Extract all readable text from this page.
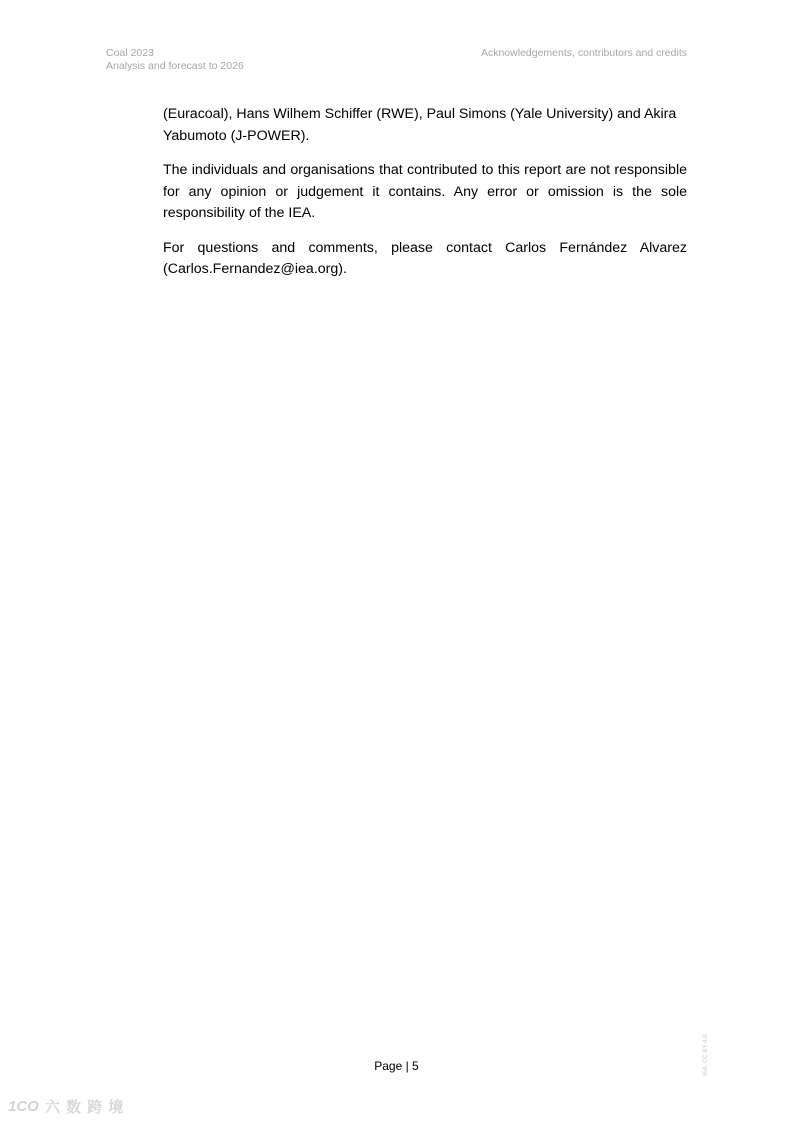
Coal 2023
Analysis and forecast to 2026
Acknowledgements, contributors and credits

(Euracoal), Hans Wilhem Schiffer (RWE), Paul Simons (Yale University) and Akira Yabumoto (J-POWER).

The individuals and organisations that contributed to this report are not responsible for any opinion or judgement it contains. Any error or omission is the sole responsibility of the IEA.

For questions and comments, please contact Carlos Fernández Alvarez (Carlos.Fernandez@iea.org).

Page | 5	IEA. CC BY 4.0.
1CO 六 数 跨 境
